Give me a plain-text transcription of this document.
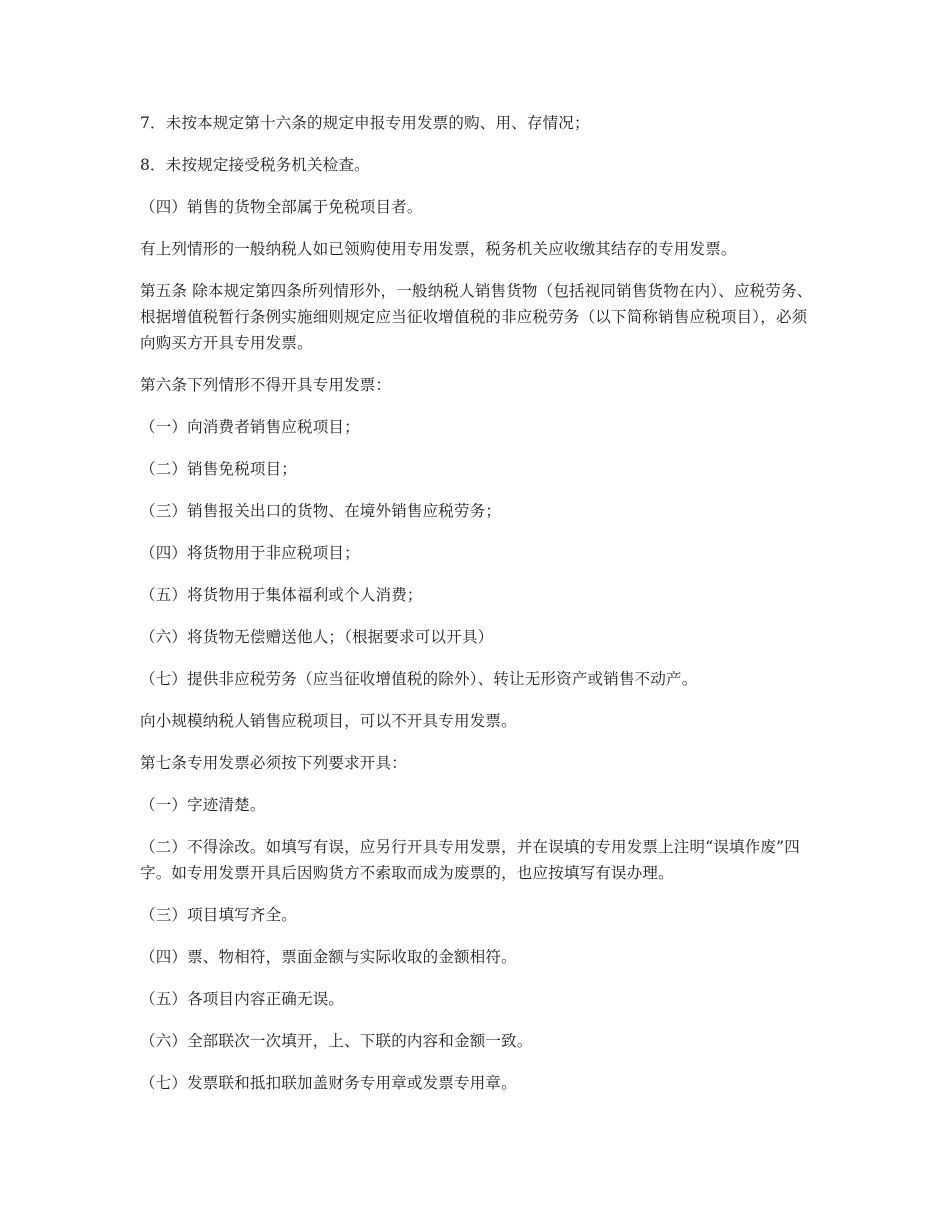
7．未按本规定第十六条的规定申报专用发票的购、用、存情况；

8．未按规定接受税务机关检查。

（四）销售的货物全部属于免税项目者。

有上列情形的一般纳税人如已领购使用专用发票，税务机关应收缴其结存的专用发票。

第五条 除本规定第四条所列情形外，一般纳税人销售货物（包括视同销售货物在内）、应税劳务、根据增值税暂行条例实施细则规定应当征收增值税的非应税劳务（以下简称销售应税项目），必须向购买方开具专用发票。

第六条下列情形不得开具专用发票：

（一）向消费者销售应税项目；

（二）销售免税项目；

（三）销售报关出口的货物、在境外销售应税劳务；

（四）将货物用于非应税项目；

（五）将货物用于集体福利或个人消费；

（六）将货物无偿赠送他人；（根据要求可以开具）

（七）提供非应税劳务（应当征收增值税的除外）、转让无形资产或销售不动产。

向小规模纳税人销售应税项目，可以不开具专用发票。

第七条专用发票必须按下列要求开具：

（一）字迹清楚。

（二）不得涂改。如填写有误，应另行开具专用发票，并在误填的专用发票上注明“误填作废”四字。如专用发票开具后因购货方不索取而成为废票的，也应按填写有误办理。

（三）项目填写齐全。

（四）票、物相符，票面金额与实际收取的金额相符。

（五）各项目内容正确无误。

（六）全部联次一次填开，上、下联的内容和金额一致。

（七）发票联和抵扣联加盖财务专用章或发票专用章。
